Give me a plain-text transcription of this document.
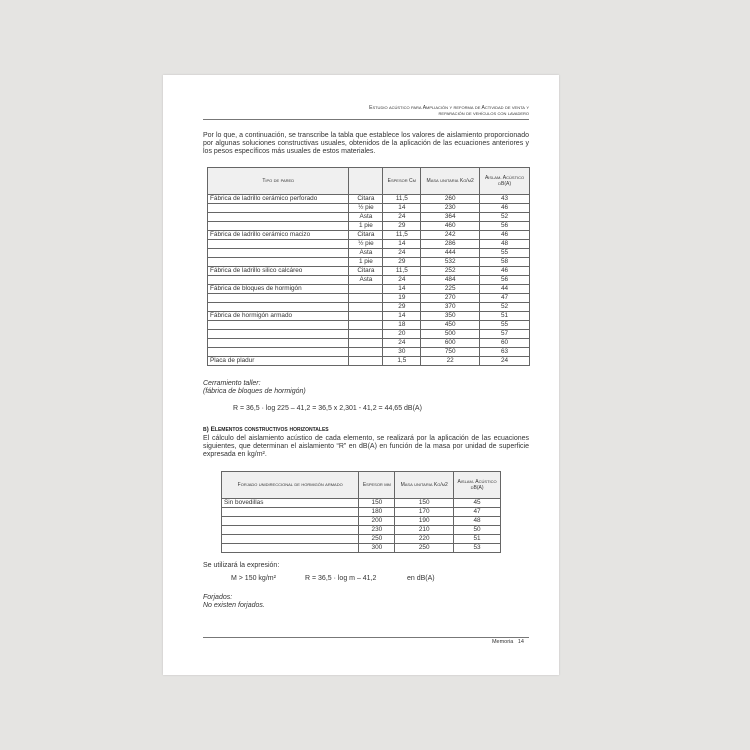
Estudio acústico para Ampliación y reforma de Actividad de venta y
reparación de vehículos con lavadero
Por lo que, a continuación, se transcribe la tabla que establece los valores de aislamiento proporcionado por algunas soluciones constructivas usuales, obtenidos de la aplicación de las ecuaciones anteriores y los pesos específicos más usuales de estos materiales.
Tipo de pared		Espesor Cm	Masa unitaria Kg/m2	Aislam. Acústico dB(A)
Fábrica de ladrillo cerámico perforado	Citara	11,5	260	43
	½ pie	14	230	46
	Asta	24	364	52
	1 pie	29	460	56
Fábrica de ladrillo cerámico macizo	Citara	11,5	242	46
	½ pie	14	286	48
	Asta	24	444	55
	1 pie	29	532	58
Fábrica de ladrillo silico calcáreo	Citara	11,5	252	46
	Asta	24	484	56
Fábrica de bloques de hormigón		14	225	44
		19	270	47
		29	370	52
Fábrica de hormigón armado		14	350	51
		18	450	55
		20	500	57
		24	600	60
		30	750	63
Placa de pladur		1,5	22	24
Cerramiento taller:
(fábrica de bloques de hormigón)
R = 36,5 · log 225 – 41,2 = 36,5 x 2,301 - 41,2 = 44,65 dB(A)
b) Elementos constructivos horizontales
El cálculo del aislamiento acústico de cada elemento, se realizará por la aplicación de las ecuaciones siguientes, que determinan el aislamiento “R” en dB(A) en función de la masa por unidad de superficie expresada en kg/m².
Forjado unidireccional de hormigón armado	Espesor mm	Masa unitaria Kg/m2	Aislam. Acústico dB(A)
Sin bovedillas	150	150	45
	180	170	47
	200	190	48
	230	210	50
	250	220	51
	300	250	53
Se utilizará la expresión:
M > 150 kg/m²	R = 36,5 · log m – 41,2	en dB(A)
Forjados:
No existen forjados.
Memoria 14
